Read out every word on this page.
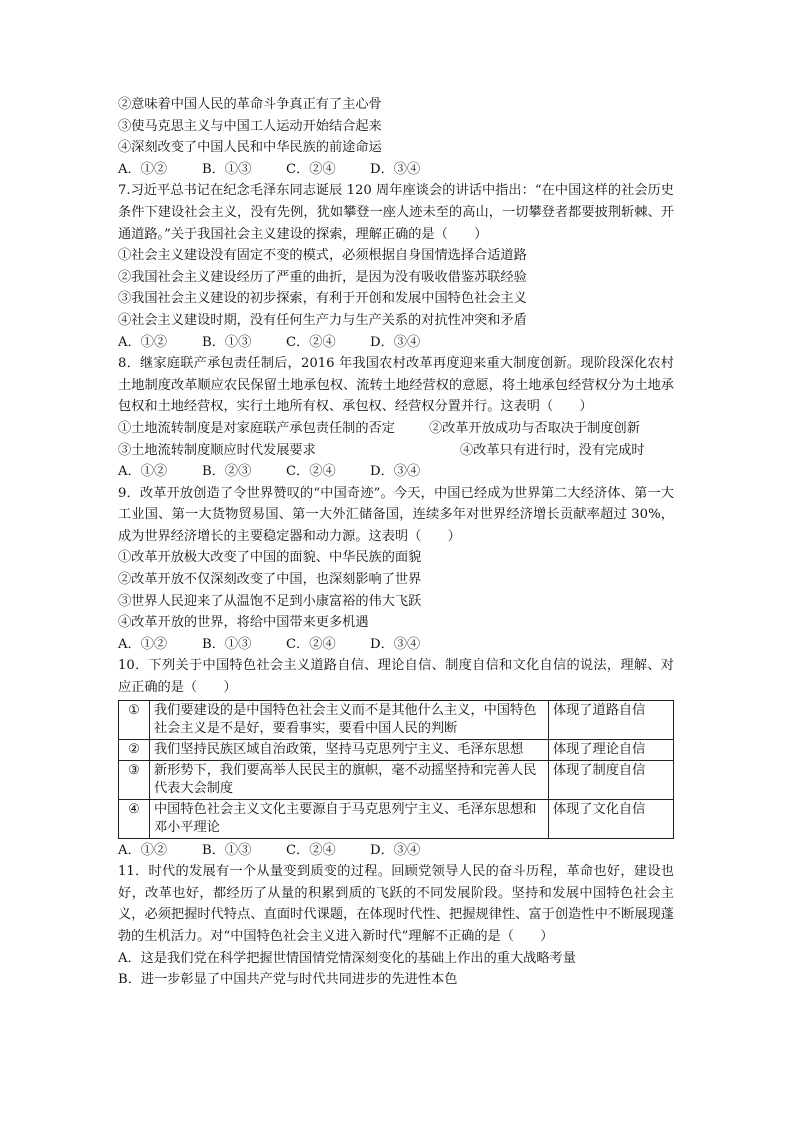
②意味着中国人民的革命斗争真正有了主心骨
③使马克思主义与中国工人运动开始结合起来
④深刻改变了中国人民和中华民族的前途命运
A．①②	B．①③	C．②④	D．③④
7.习近平总书记在纪念毛泽东同志诞辰 120 周年座谈会的讲话中指出：“在中国这样的社会历史条件下建设社会主义，没有先例，犹如攀登一座人迹未至的高山，一切攀登者都要披荆斩棘、开通道路。”关于我国社会主义建设的探索，理解正确的是（　　）
①社会主义建设没有固定不变的模式，必须根据自身国情选择合适道路
②我国社会主义建设经历了严重的曲折，是因为没有吸收借鉴苏联经验
③我国社会主义建设的初步探索，有利于开创和发展中国特色社会主义
④社会主义建设时期，没有任何生产力与生产关系的对抗性冲突和矛盾
A．①②	B．①③	C．②④	D．③④
8．继家庭联产承包责任制后，2016 年我国农村改革再度迎来重大制度创新。现阶段深化农村土地制度改革顺应农民保留土地承包权、流转土地经营权的意愿，将土地承包经营权分为土地承包权和土地经营权，实行土地所有权、承包权、经营权分置并行。这表明（　　）
①土地流转制度是对家庭联产承包责任制的否定	②改革开放成功与否取决于制度创新
③土地流转制度顺应时代发展要求	④改革只有进行时，没有完成时
A．①②	B．②③	C．②④	D．③④
9．改革开放创造了令世界赞叹的“中国奇迹”。今天，中国已经成为世界第二大经济体、第一大工业国、第一大货物贸易国、第一大外汇储备国，连续多年对世界经济增长贡献率超过 30%，成为世界经济增长的主要稳定器和动力源。这表明（　　）
①改革开放极大改变了中国的面貌、中华民族的面貌
②改革开放不仅深刻改变了中国，也深刻影响了世界
③世界人民迎来了从温饱不足到小康富裕的伟大飞跃
④改革开放的世界，将给中国带来更多机遇
A．①②	B．①③	C．②④	D．③④
10．下列关于中国特色社会主义道路自信、理论自信、制度自信和文化自信的说法，理解、对应正确的是（　　）
①	我们要建设的是中国特色社会主义而不是其他什么主义，中国特色社会主义是不是好，要看事实，要看中国人民的判断	体现了道路自信
②	我们坚持民族区域自治政策，坚持马克思列宁主义、毛泽东思想	体现了理论自信
③	新形势下，我们要高举人民民主的旗帜，毫不动摇坚持和完善人民代表大会制度	体现了制度自信
④	中国特色社会主义文化主要源自于马克思列宁主义、毛泽东思想和邓小平理论	体现了文化自信
A．①②	B．①③	C．②④	D．③④
11．时代的发展有一个从量变到质变的过程。回顾党领导人民的奋斗历程，革命也好，建设也好，改革也好，都经历了从量的积累到质的飞跃的不同发展阶段。坚持和发展中国特色社会主义，必须把握时代特点、直面时代课题，在体现时代性、把握规律性、富于创造性中不断展现蓬勃的生机活力。对“中国特色社会主义进入新时代”理解不正确的是（　　）
A．这是我们党在科学把握世情国情党情深刻变化的基础上作出的重大战略考量
B．进一步彰显了中国共产党与时代共同进步的先进性本色
